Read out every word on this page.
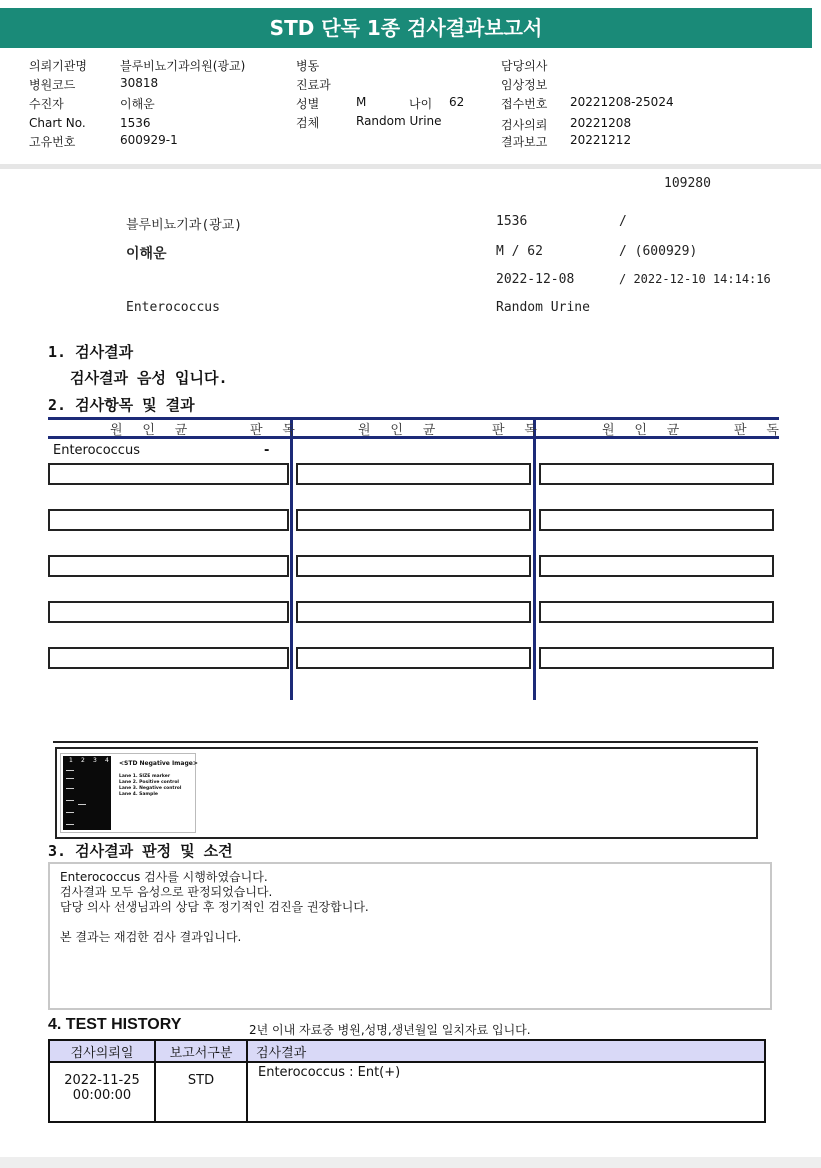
STD 단독 1종 검사결과보고서
의뢰기관명	블루비뇨기과의원(광교)
병원코드	30818
수진자	이해운
Chart No.	1536
고유번호	600929-1
병동
진료과
성별	M	나이 62
검체	Random Urine
담당의사
임상정보
접수번호 20221208-25024
검사의뢰 20221208
결과보고 20221212
109280
블루비뇨기과(광교)	1536	/
이해운	M / 62	/ (600929)
2022-12-08	/ 2022-12-10 14:14:16
Enterococcus	Random Urine
1. 검사결과
검사결과 음성 입니다.
2. 검사항목 및 결과
원 인 균	판 독	원 인 균	판 독	원 인 균	판 독
Enterococcus	-
1 2 3 4 <STD Negative Image>
Lane 1. SIZE marker
Lane 2. Positive control
Lane 3. Negative control
Lane 4. Sample
3. 검사결과 판정 및 소견
Enterococcus 검사를 시행하였습니다.
검사결과 모두 음성으로 판정되었습니다.
담당 의사 선생님과의 상담 후 정기적인 검진을 권장합니다.
본 결과는 재검한 검사 결과입니다.
4. TEST HISTORY	2년 이내 자료중 병원,성명,생년월일 일치자료 입니다.
검사의뢰일	보고서구분	검사결과

2022-11-25
00:00:00	STD	Enterococcus : Ent(+)
